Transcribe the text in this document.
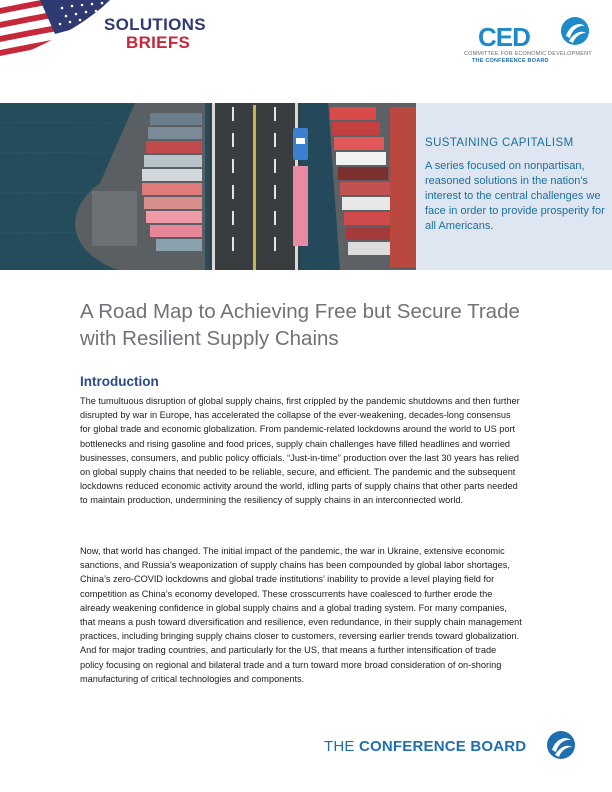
SOLUTIONS
BRIEFS	CED
COMMITTEE FOR ECONOMIC DEVELOPMENT
THE CONFERENCE BOARD
SUSTAINING CAPITALISM
A series focused on nonpartisan, reasoned solutions in the nation's interest to the central challenges we face in order to provide prosperity for all Americans.
A Road Map to Achieving Free but Secure Trade with Resilient Supply Chains
Introduction

The tumultuous disruption of global supply chains, first crippled by the pandemic shutdowns and then further disrupted by war in Europe, has accelerated the collapse of the ever-weakening, decades-long consensus for global trade and economic globalization. From pandemic-related lockdowns around the world to US port bottlenecks and rising gasoline and food prices, supply chain challenges have filled headlines and worried businesses, consumers, and public policy officials. “Just-in-time” production over the last 30 years has relied on global supply chains that needed to be reliable, secure, and efficient. The pandemic and the subsequent lockdowns reduced economic activity around the world, idling parts of supply chains that other parts needed to maintain production, undermining the resiliency of supply chains in an interconnected world.

Now, that world has changed. The initial impact of the pandemic, the war in Ukraine, extensive economic sanctions, and Russia’s weaponization of supply chains has been compounded by global labor shortages, China’s zero-COVID lockdowns and global trade institutions’ inability to provide a level playing field for competition as China’s economy developed. These crosscurrents have coalesced to further erode the already weakening confidence in global supply chains and a global trading system. For many companies, that means a push toward diversification and resilience, even redundance, in their supply chain management practices, including bringing supply chains closer to customers, reversing earlier trends toward globalization. And for major trading countries, and particularly for the US, that means a further intensification of trade policy focusing on regional and bilateral trade and a turn toward more broad consideration of on-shoring manufacturing of critical technologies and components.

THE CONFERENCE BOARD
